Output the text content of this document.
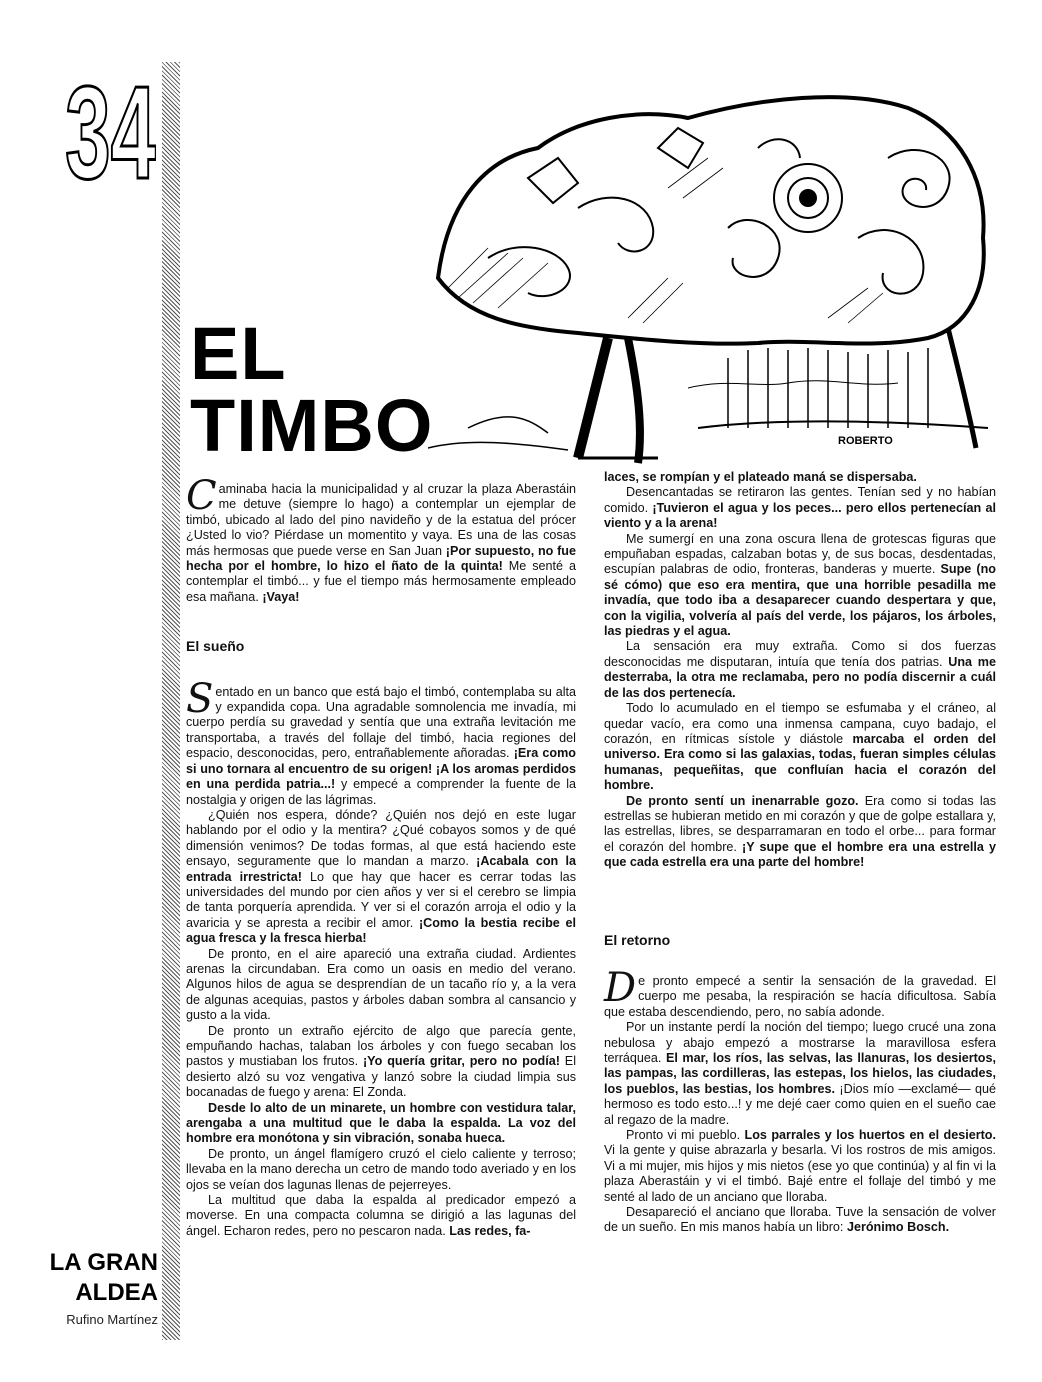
34
ROBERTO
EL
TIMBO

Caminaba hacia la municipalidad y al cruzar la plaza Aberastáin me detuve (siempre lo hago) a contemplar un ejemplar de timbó, ubicado al lado del pino navideño y de la estatua del prócer ¿Usted lo vio? Piérdase un momentito y vaya. Es una de las cosas más hermosas que puede verse en San Juan ¡Por supuesto, no fue hecha por el hombre, lo hizo el ñato de la quinta! Me senté a contemplar el timbó... y fue el tiempo más hermosamente empleado esa mañana. ¡Vaya!

El sueño

Sentado en un banco que está bajo el timbó, contemplaba su alta y expandida copa. Una agradable somnolencia me invadía, mi cuerpo perdía su gravedad y sentía que una extraña levitación me transportaba, a través del follaje del timbó, hacia regiones del espacio, desconocidas, pero, entrañablemente añoradas. ¡Era como si uno tornara al encuentro de su origen! ¡A los aromas perdidos en una perdida patria...! y empecé a comprender la fuente de la nostalgia y origen de las lágrimas.

¿Quién nos espera, dónde? ¿Quién nos dejó en este lugar hablando por el odio y la mentira? ¿Qué cobayos somos y de qué dimensión venimos? De todas formas, al que está haciendo este ensayo, seguramente que lo mandan a marzo. ¡Acabala con la entrada irrestricta! Lo que hay que hacer es cerrar todas las universidades del mundo por cien años y ver si el cerebro se limpia de tanta porquería aprendida. Y ver si el corazón arroja el odio y la avaricia y se apresta a recibir el amor. ¡Como la bestia recibe el agua fresca y la fresca hierba!

De pronto, en el aire apareció una extraña ciudad. Ardientes arenas la circundaban. Era como un oasis en medio del verano. Algunos hilos de agua se desprendían de un tacaño río y, a la vera de algunas acequias, pastos y árboles daban sombra al cansancio y gusto a la vida.

De pronto un extraño ejército de algo que parecía gente, empuñando hachas, talaban los árboles y con fuego secaban los pastos y mustiaban los frutos. ¡Yo quería gritar, pero no podía! El desierto alzó su voz vengativa y lanzó sobre la ciudad limpia sus bocanadas de fuego y arena: El Zonda.

Desde lo alto de un minarete, un hombre con vestidura talar, arengaba a una multitud que le daba la espalda. La voz del hombre era monótona y sin vibración, sonaba hueca.

De pronto, un ángel flamígero cruzó el cielo caliente y terroso; llevaba en la mano derecha un cetro de mando todo averiado y en los ojos se veían dos lagunas llenas de pejerreyes.

La multitud que daba la espalda al predicador empezó a moverse. En una compacta columna se dirigió a las lagunas del ángel. Echaron redes, pero no pescaron nada. Las redes, fa-

laces, se rompían y el plateado maná se dispersaba.

Desencantadas se retiraron las gentes. Tenían sed y no habían comido. ¡Tuvieron el agua y los peces... pero ellos pertenecían al viento y a la arena!

Me sumergí en una zona oscura llena de grotescas figuras que empuñaban espadas, calzaban botas y, de sus bocas, desdentadas, escupían palabras de odio, fronteras, banderas y muerte. Supe (no sé cómo) que eso era mentira, que una horrible pesadilla me invadía, que todo iba a desaparecer cuando despertara y que, con la vigilia, volvería al país del verde, los pájaros, los árboles, las piedras y el agua.

La sensación era muy extraña. Como si dos fuerzas desconocidas me disputaran, intuía que tenía dos patrias. Una me desterraba, la otra me reclamaba, pero no podía discernir a cuál de las dos pertenecía.

Todo lo acumulado en el tiempo se esfumaba y el cráneo, al quedar vacío, era como una inmensa campana, cuyo badajo, el corazón, en rítmicas sístole y diástole marcaba el orden del universo. Era como si las galaxias, todas, fueran simples células humanas, pequeñitas, que confluían hacia el corazón del hombre.

De pronto sentí un inenarrable gozo. Era como si todas las estrellas se hubieran metido en mi corazón y que de golpe estallara y, las estrellas, libres, se desparramaran en todo el orbe... para formar el corazón del hombre. ¡Y supe que el hombre era una estrella y que cada estrella era una parte del hombre!

El retorno

De pronto empecé a sentir la sensación de la gravedad. El cuerpo me pesaba, la respiración se hacía dificultosa. Sabía que estaba descendiendo, pero, no sabía adonde.

Por un instante perdí la noción del tiempo; luego crucé una zona nebulosa y abajo empezó a mostrarse la maravillosa esfera terráquea. El mar, los ríos, las selvas, las llanuras, los desiertos, las pampas, las cordilleras, las estepas, los hielos, las ciudades, los pueblos, las bestias, los hombres. ¡Dios mío —exclamé— qué hermoso es todo esto...! y me dejé caer como quien en el sueño cae al regazo de la madre.

Pronto vi mi pueblo. Los parrales y los huertos en el desierto. Vi la gente y quise abrazarla y besarla. Vi los rostros de mis amigos. Vi a mi mujer, mis hijos y mis nietos (ese yo que continúa) y al fin vi la plaza Aberastáin y vi el timbó. Bajé entre el follaje del timbó y me senté al lado de un anciano que lloraba.

Desapareció el anciano que lloraba. Tuve la sensación de volver de un sueño. En mis manos había un libro: Jerónimo Bosch.

LA GRAN
ALDEA
Rufino Martínez
